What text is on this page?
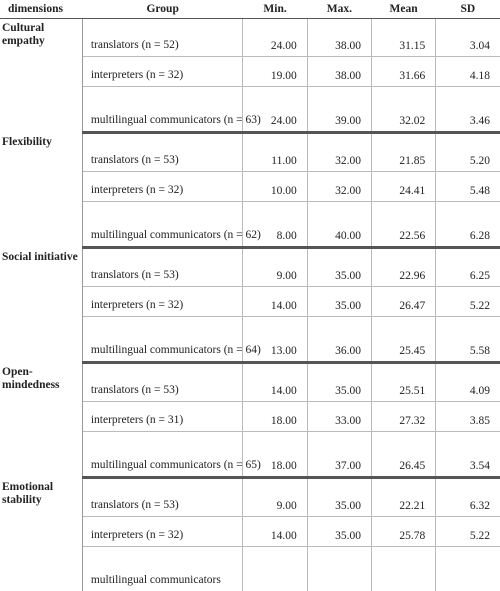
dimensions	Group	Min.	Max.	Mean	SD
Cultural empathy	translators (n = 52)	24.00	38.00	31.15	3.04
	interpreters (n = 32)	19.00	38.00	31.66	4.18
	multilingual communicators (n = 63)	24.00	39.00	32.02	3.46
Flexibility	translators (n = 53)	11.00	32.00	21.85	5.20
	interpreters (n = 32)	10.00	32.00	24.41	5.48
	multilingual communicators (n = 62)	8.00	40.00	22.56	6.28
Social initiative	translators (n = 53)	9.00	35.00	22.96	6.25
	interpreters (n = 32)	14.00	35.00	26.47	5.22
	multilingual communicators (n = 64)	13.00	36.00	25.45	5.58
Open-mindedness	translators (n = 53)	14.00	35.00	25.51	4.09
	interpreters (n = 31)	18.00	33.00	27.32	3.85
	multilingual communicators (n = 65)	18.00	37.00	26.45	3.54
Emotional stability	translators (n = 53)	9.00	35.00	22.21	6.32
	interpreters (n = 32)	14.00	35.00	25.78	5.22
	multilingual communicators				
